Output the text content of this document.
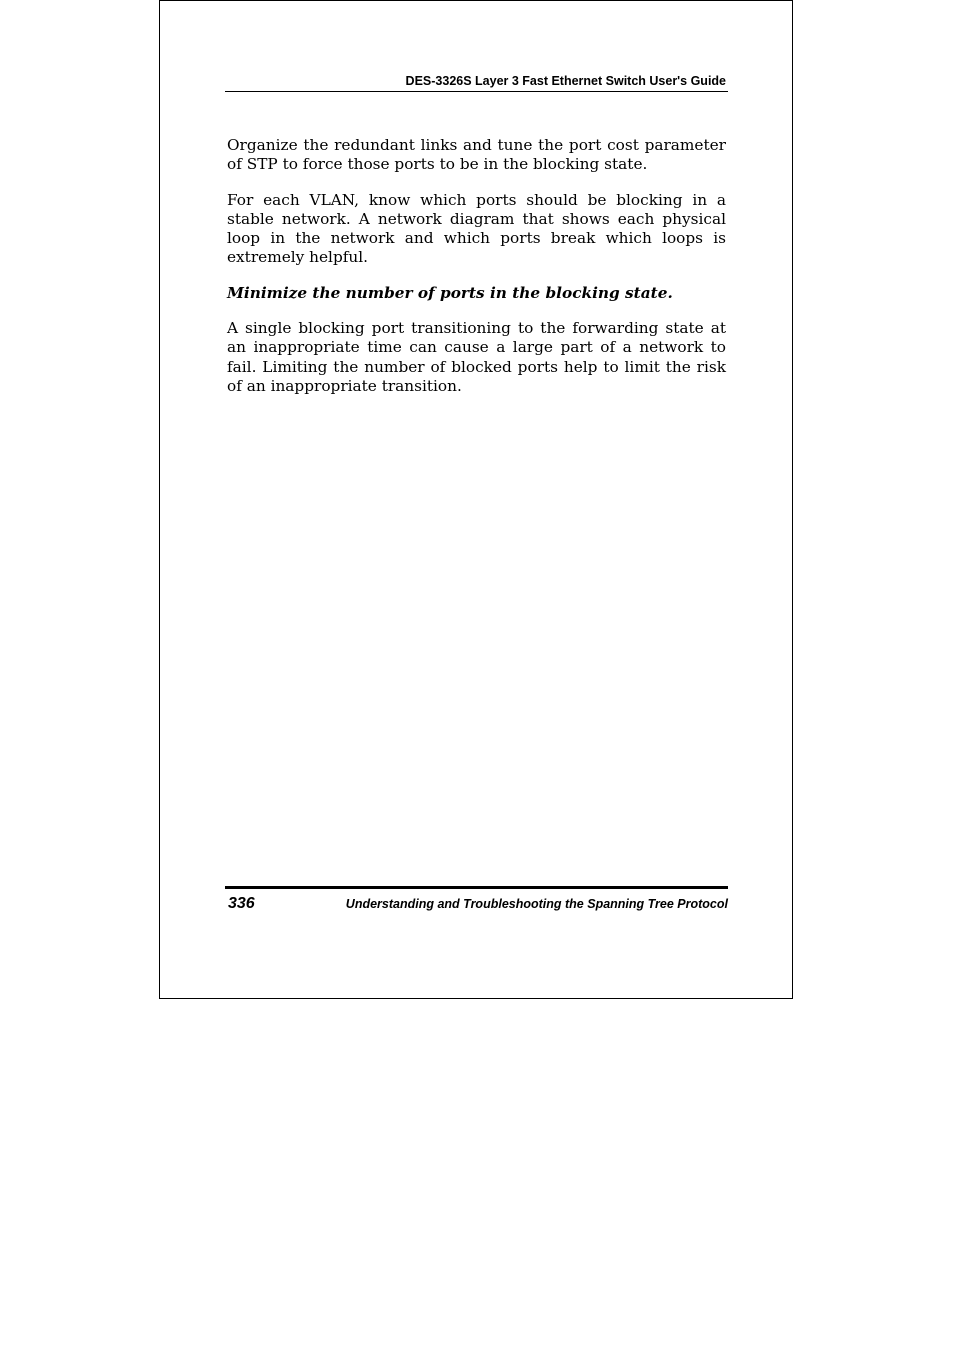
DES-3326S Layer 3 Fast Ethernet Switch User's Guide

Organize the redundant links and tune the port cost parameter of STP to force those ports to be in the blocking state.

For each VLAN, know which ports should be blocking in a stable network. A network diagram that shows each physical loop in the network and which ports break which loops is extremely helpful.

Minimize the number of ports in the blocking state.

A single blocking port transitioning to the forwarding state at an inappropriate time can cause a large part of a network to fail. Limiting the number of blocked ports help to limit the risk of an inappropriate transition.

336	Understanding and Troubleshooting the Spanning Tree Protocol
